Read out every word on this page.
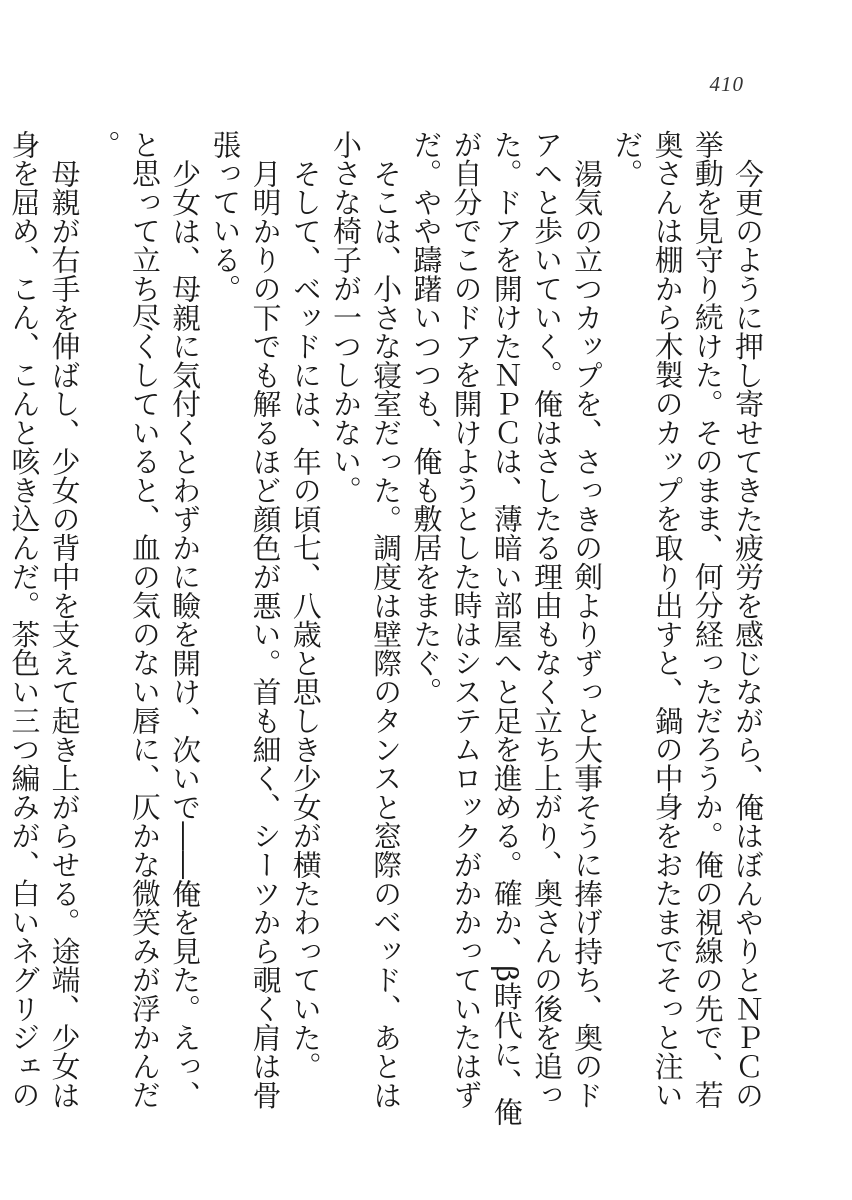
410

今更のように押し寄せてきた疲労を感じながら、俺はぼんやりとＮＰＣの挙動を見守り続けた。そのまま、何分経っただろうか。俺の視線の先で、若奥さんは棚から木製のカップを取り出すと、鍋の中身をおたまでそっと注いだ。

湯気の立つカップを、さっきの剣よりずっと大事そうに捧げ持ち、奥のドアへと歩いていく。俺はさしたる理由もなく立ち上がり、奥さんの後を追った。ドアを開けたＮＰＣは、薄暗い部屋へと足を進める。確か、β時代に、俺が自分でこのドアを開けようとした時はシステムロックがかかっていたはずだ。やや躊躇いつつも、俺も敷居をまたぐ。

そこは、小さな寝室だった。調度は壁際のタンスと窓際のベッド、あとは小さな椅子が一つしかない。

そして、ベッドには、年の頃七、八歳と思しき少女が横たわっていた。

月明かりの下でも解るほど顔色が悪い。首も細く、シーツから覗く肩は骨張っている。

少女は、母親に気付くとわずかに瞼を開け、次いで――俺を見た。えっ、と思って立ち尽くしていると、血の気のない唇に、仄かな微笑みが浮かんだ。

母親が右手を伸ばし、少女の背中を支えて起き上がらせる。途端、少女は身を屈め、こん、こんと咳き込んだ。茶色い三つ編みが、白いネグリジェの
